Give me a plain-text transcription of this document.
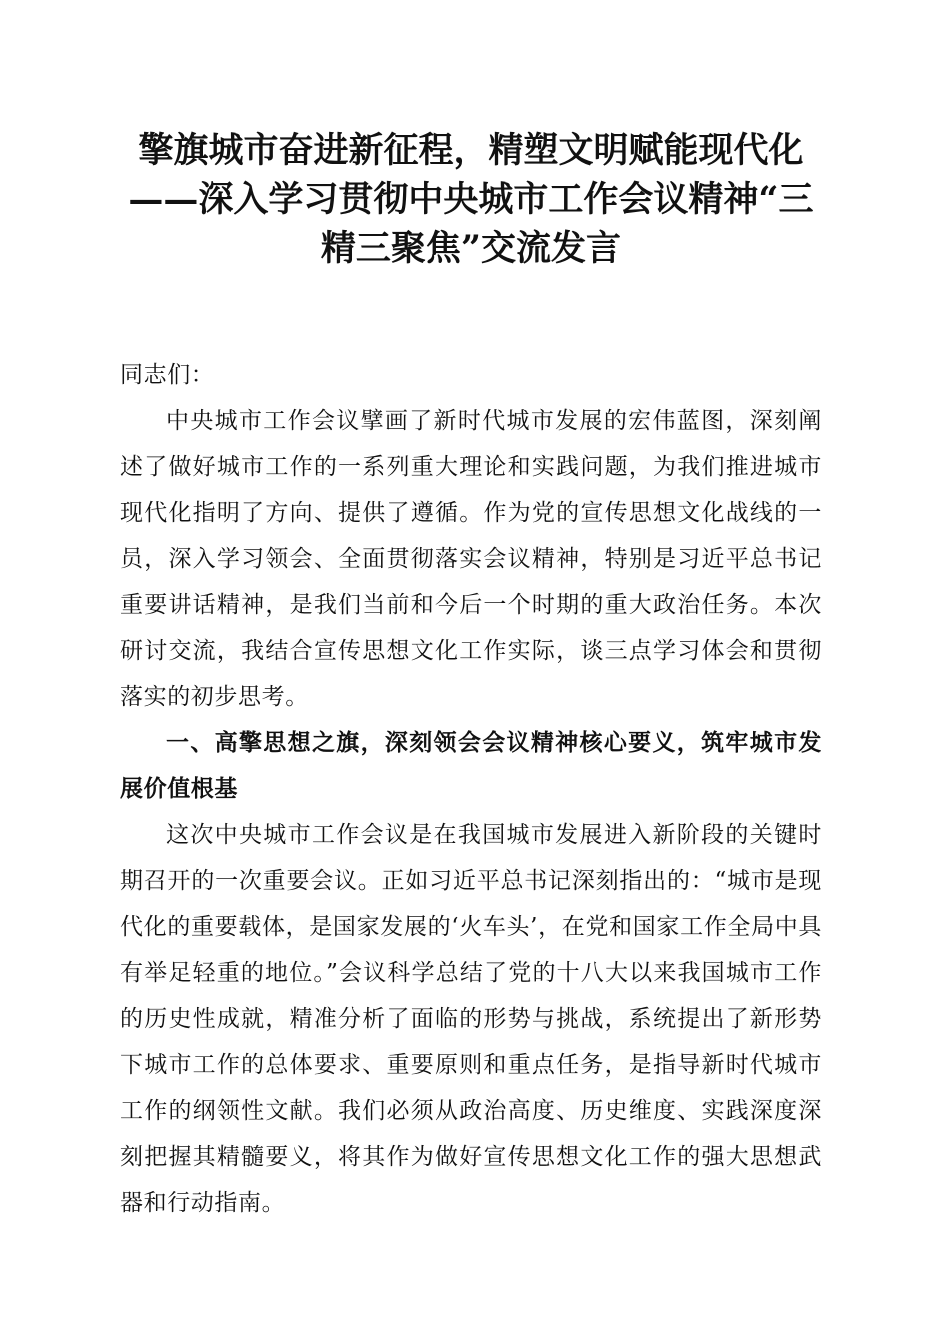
擎旗城市奋进新征程，精塑文明赋能现代化
——深入学习贯彻中央城市工作会议精神“三
精三聚焦”交流发言

同志们：

中央城市工作会议擘画了新时代城市发展的宏伟蓝图，深刻阐述了做好城市工作的一系列重大理论和实践问题，为我们推进城市现代化指明了方向、提供了遵循。作为党的宣传思想文化战线的一员，深入学习领会、全面贯彻落实会议精神，特别是习近平总书记重要讲话精神，是我们当前和今后一个时期的重大政治任务。本次研讨交流，我结合宣传思想文化工作实际，谈三点学习体会和贯彻落实的初步思考。

一、高擎思想之旗，深刻领会会议精神核心要义，筑牢城市发展价值根基

这次中央城市工作会议是在我国城市发展进入新阶段的关键时期召开的一次重要会议。正如习近平总书记深刻指出的：“城市是现代化的重要载体，是国家发展的‘火车头’，在党和国家工作全局中具有举足轻重的地位。”会议科学总结了党的十八大以来我国城市工作的历史性成就，精准分析了面临的形势与挑战，系统提出了新形势下城市工作的总体要求、重要原则和重点任务，是指导新时代城市工作的纲领性文献。我们必须从政治高度、历史维度、实践深度深刻把握其精髓要义，将其作为做好宣传思想文化工作的强大思想武器和行动指南。
